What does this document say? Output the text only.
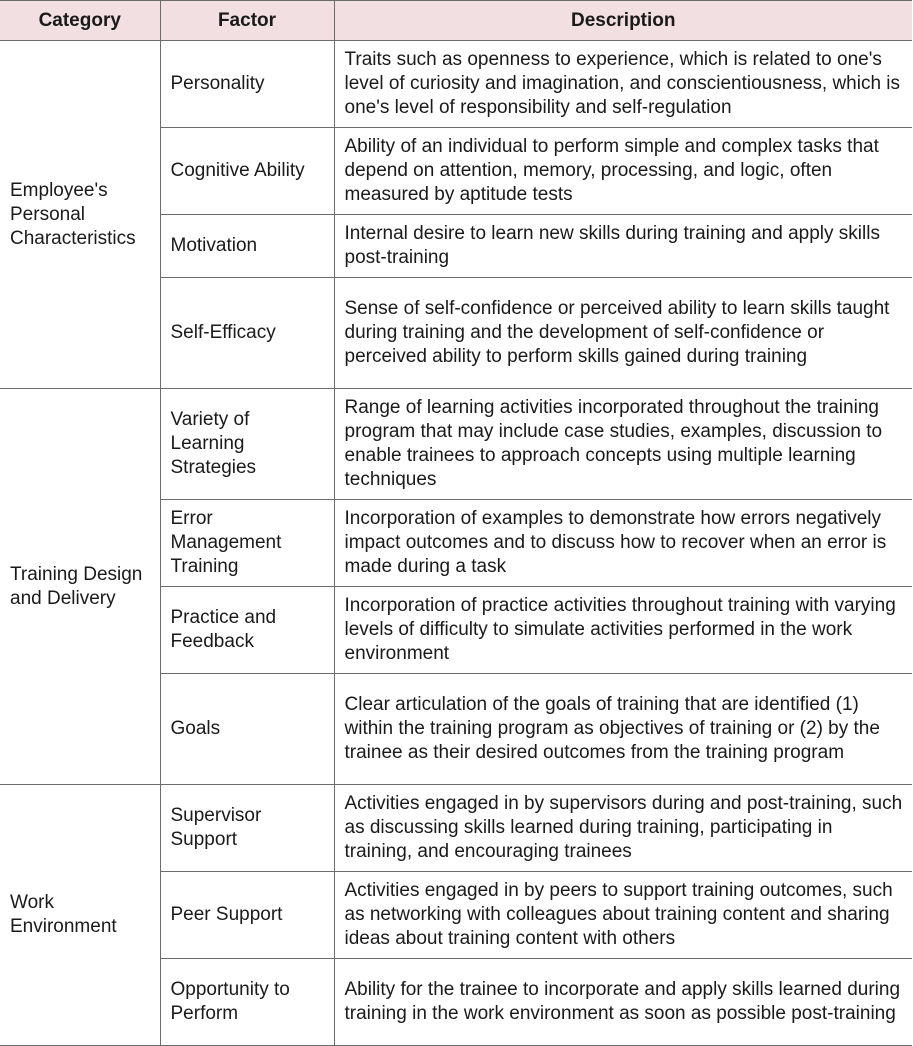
Category	Factor	Description
Employee's Personal Characteristics	Personality	Traits such as openness to experience, which is related to one's level of curiosity and imagination, and conscientiousness, which is one's level of responsibility and self-regulation
	Cognitive Ability	Ability of an individual to perform simple and complex tasks that depend on attention, memory, processing, and logic, often measured by aptitude tests
	Motivation	Internal desire to learn new skills during training and apply skills post-training
	Self-Efficacy	Sense of self-confidence or perceived ability to learn skills taught during training and the development of self-confidence or perceived ability to perform skills gained during training
Training Design and Delivery	Variety of Learning Strategies	Range of learning activities incorporated throughout the training program that may include case studies, examples, discussion to enable trainees to approach concepts using multiple learning techniques
	Error Management Training	Incorporation of examples to demonstrate how errors negatively impact outcomes and to discuss how to recover when an error is made during a task
	Practice and Feedback	Incorporation of practice activities throughout training with varying levels of difficulty to simulate activities performed in the work environment
	Goals	Clear articulation of the goals of training that are identified (1) within the training program as objectives of training or (2) by the trainee as their desired outcomes from the training program
Work Environment	Supervisor Support	Activities engaged in by supervisors during and post-training, such as discussing skills learned during training, participating in training, and encouraging trainees
	Peer Support	Activities engaged in by peers to support training outcomes, such as networking with colleagues about training content and sharing ideas about training content with others
	Opportunity to Perform	Ability for the trainee to incorporate and apply skills learned during training in the work environment as soon as possible post-training
